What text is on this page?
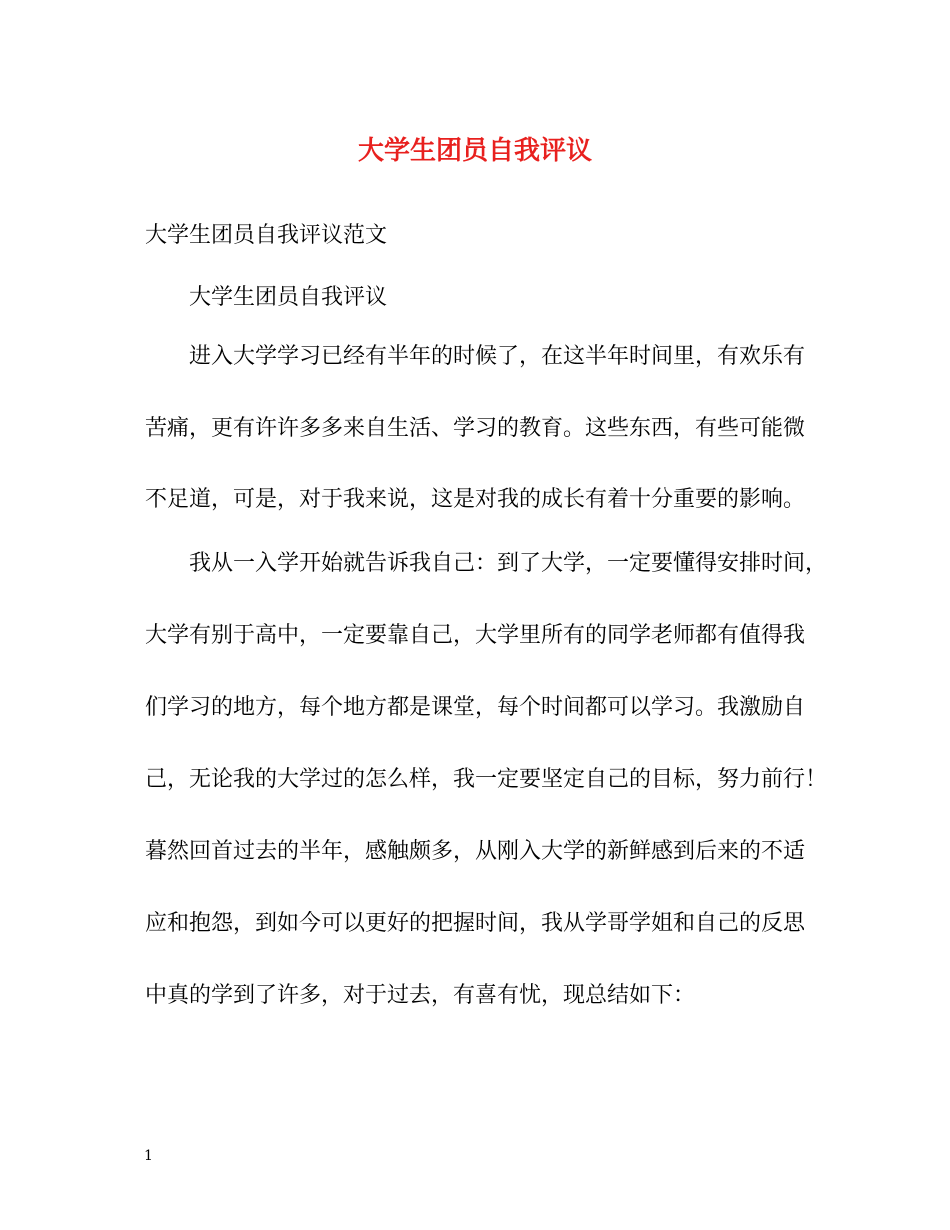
大学生团员自我评议
大学生团员自我评议范文
大学生团员自我评议
进入大学学习已经有半年的时候了，在这半年时间里，有欢乐有
苦痛，更有许许多多来自生活、学习的教育。这些东西，有些可能微
不足道，可是，对于我来说，这是对我的成长有着十分重要的影响。
我从一入学开始就告诉我自己：到了大学，一定要懂得安排时间，
大学有别于高中，一定要靠自己，大学里所有的同学老师都有值得我
们学习的地方，每个地方都是课堂，每个时间都可以学习。我激励自
己，无论我的大学过的怎么样，我一定要坚定自己的目标，努力前行！
暮然回首过去的半年，感触颇多，从刚入大学的新鲜感到后来的不适
应和抱怨，到如今可以更好的把握时间，我从学哥学姐和自己的反思
中真的学到了许多，对于过去，有喜有忧，现总结如下：
1
